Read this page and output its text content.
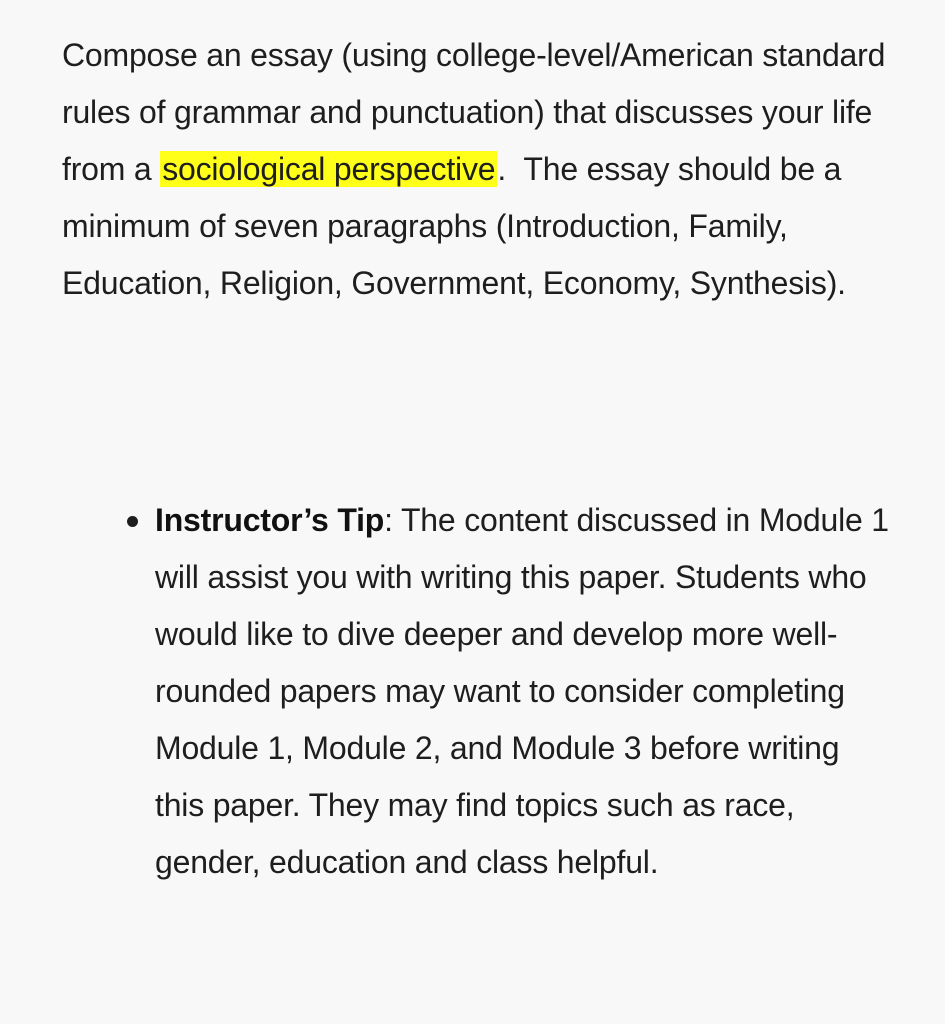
Compose an essay (using college-level/American standard rules of grammar and punctuation) that discusses your life from a sociological perspective.  The essay should be a minimum of seven paragraphs (Introduction, Family, Education, Religion, Government, Economy, Synthesis).

Instructor’s Tip: The content discussed in Module 1 will assist you with writing this paper. Students who would like to dive deeper and develop more well-rounded papers may want to consider completing Module 1, Module 2, and Module 3 before writing this paper. They may find topics such as race, gender, education and class helpful.
